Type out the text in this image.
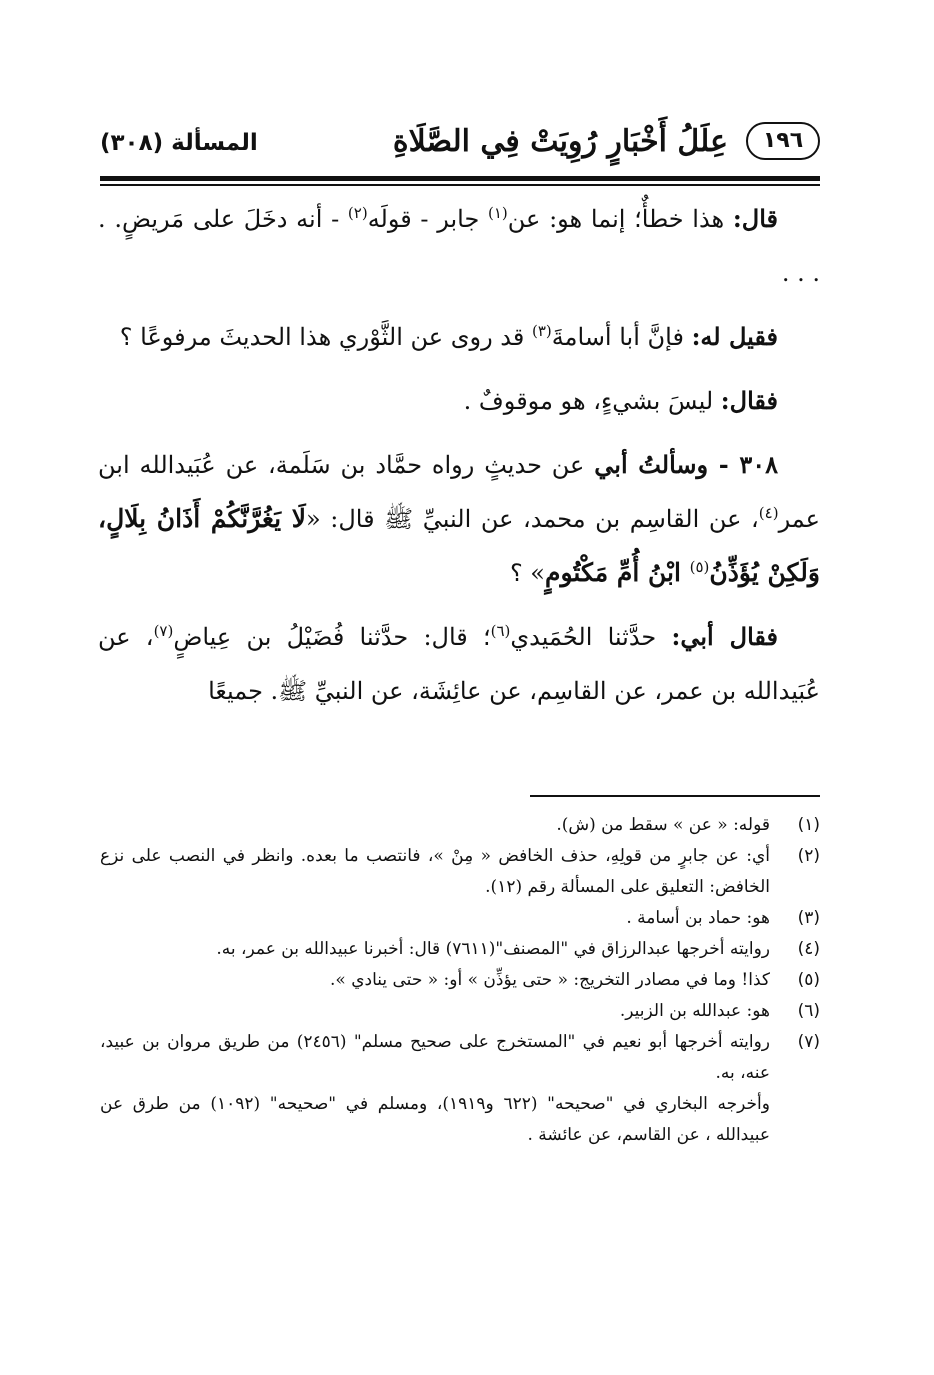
١٩٦
عِلَلُ أَخْبَارٍ رُوِيَتْ فِي الصَّلَاةِ
المسألة (٣٠٨)

قال: هذا خطأٌ؛ إنما هو: عن$^{(١)}$ جابر - قولَه$^{(٢)}$ - أنه دخَلَ على مَريضٍ. . . . .

فقيل له: فإنَّ أبا أسامةَ$^{(٣)}$ قد روى عن الثَّوْري هذا الحديثَ مرفوعًا ؟

فقال: ليسَ بشيءٍ، هو موقوفٌ .

٣٠٨ - وسألتُ أبي عن حديثٍ رواه حمَّاد بن سَلَمة، عن عُبَيدالله ابن عمر$^{(٤)}$، عن القاسِم بن محمد، عن النبيِّ ﷺ قال: «لَا يَغُرَّنَّكُمْ أَذَانُ بِلَالٍ، وَلَكِنْ يُؤَذِّنُ$^{(٥)}$ ابْنُ أُمِّ مَكْتُومٍ» ؟

فقال أبي: حدَّثنا الحُمَيدي$^{(٦)}$؛ قال: حدَّثنا فُضَيْلُ بن عِياضٍ$^{(٧)}$، عن عُبَيدالله بن عمر، عن القاسِم، عن عائِشَة، عن النبيِّ ﷺ. جميعًا

(١)
قوله: « عن » سقط من (ش).
(٢)
أي: عن جابرٍ من قولِهِ، حذف الخافض « مِنْ »، فانتصب ما بعده. وانظر في النصب على نزع الخافض: التعليق على المسألة رقم (١٢).
(٣)
هو: حماد بن أسامة .
(٤)
روايته أخرجها عبدالرزاق في "المصنف"(٧٦١١) قال: أخبرنا عبيدالله بن عمر، به.
(٥)
كذا! وما في مصادر التخريج: « حتى يؤذِّن » أو: « حتى ينادي ».
(٦)
هو: عبدالله بن الزبير.
(٧)
روايته أخرجها أبو نعيم في "المستخرج على صحيح مسلم" (٢٤٥٦) من طريق مروان بن عبيد، عنه، به.

وأخرجه البخاري في "صحيحه" (٦٢٢ و١٩١٩)، ومسلم في "صحيحه" (١٠٩٢) من طرق عن عبيدالله ، عن القاسم، عن عائشة .
